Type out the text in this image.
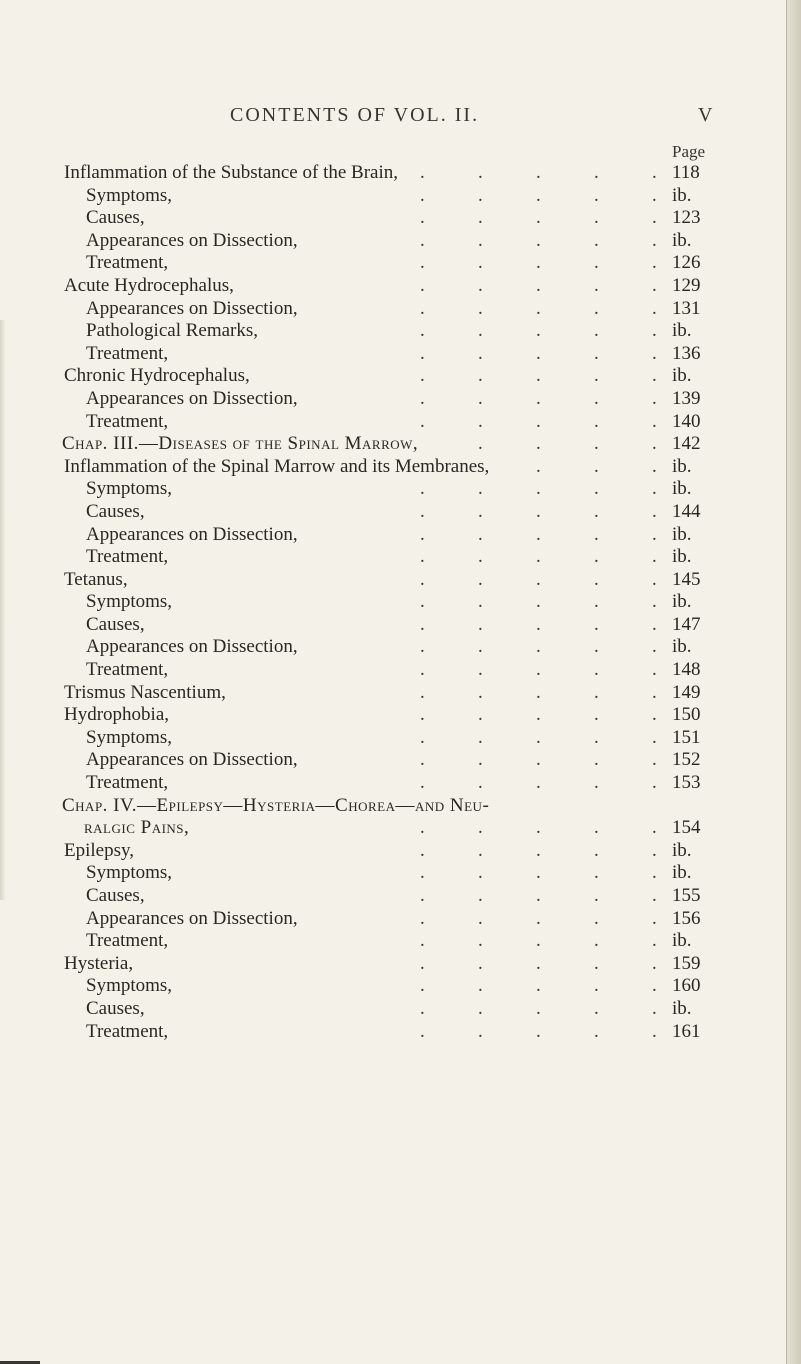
CONTENTS OF VOL. II.	V
Page
Inflammation of the Substance of the Brain, .	.	.	.	. 118
Symptoms,	.	.	.	.	. ib.
Causes,	.	.	.	.	. 123
Appearances on Dissection,	.	.	.	.	. ib.
Treatment,	.	.	.	.	. 126
Acute Hydrocephalus,	.	.	.	.	. 129
Appearances on Dissection,	.	.	.	.	. 131
Pathological Remarks,	.	.	.	.	. ib.
Treatment,	.	.	.	.	. 136
Chronic Hydrocephalus,	.	.	.	.	. ib.
Appearances on Dissection,	.	.	.	.	. 139
Treatment,	.	.	.	.	. 140
Chap. III.—Diseases of the Spinal Marrow,	.	.	.	. 142
Inflammation of the Spinal Marrow and its Membranes, .	.	. ib.
Symptoms,	.	.	.	.	. ib.
Causes,	.	.	.	.	. 144
Appearances on Dissection,	.	.	.	.	. ib.
Treatment,	.	.	.	.	. ib.
Tetanus,	.	.	.	.	. 145
Symptoms,	.	.	.	.	. ib.
Causes,	.	.	.	.	. 147
Appearances on Dissection,	.	.	.	.	. ib.
Treatment,	.	.	.	.	. 148
Trismus Nascentium,	.	.	.	.	. 149
Hydrophobia,	.	.	.	.	. 150
Symptoms,	.	.	.	.	. 151
Appearances on Dissection,	.	.	.	.	. 152
Treatment,	.	.	.	.	. 153
Chap. IV.—Epilepsy—Hysteria—Chorea—and Neu-
ralgic Pains,	.	.	.	.	. 154
Epilepsy,	.	.	.	.	. ib.
Symptoms,	.	.	.	.	. ib.
Causes,	.	.	.	.	. 155
Appearances on Dissection,	.	.	.	.	. 156
Treatment,	.	.	.	.	. ib.
Hysteria,	.	.	.	.	. 159
Symptoms,	.	.	.	.	. 160
Causes,	.	.	.	.	. ib.
Treatment,	.	.	.	.	. 161
